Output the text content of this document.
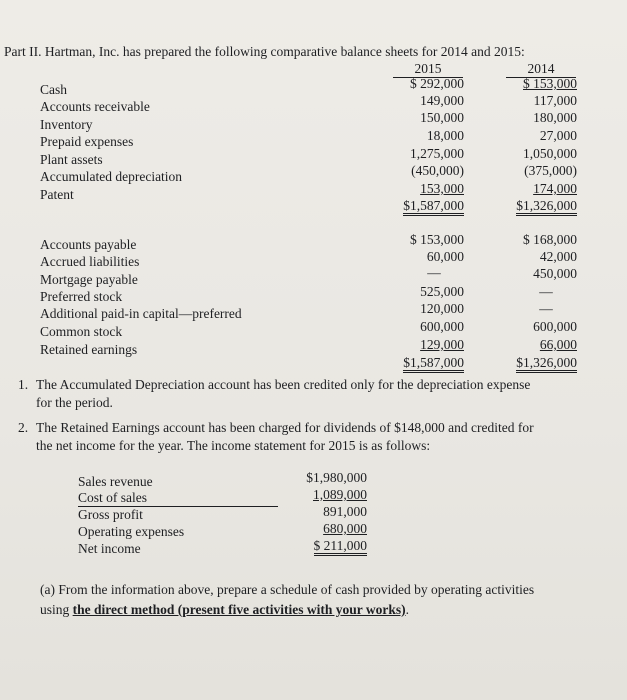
Part II. Hartman, Inc. has prepared the following comparative balance sheets for 2014 and 2015:
2015	2014
Cash	$ 292,000	$ 153,000
Accounts receivable	149,000	117,000
Inventory	150,000	180,000
Prepaid expenses	18,000	27,000
Plant assets	1,275,000	1,050,000
Accumulated depreciation	(450,000)	(375,000)
Patent	153,000	174,000
$1,587,000	$1,326,000
Accounts payable	$ 153,000	$ 168,000
Accrued liabilities	60,000	42,000
Mortgage payable	—	450,000
Preferred stock	525,000	—
Additional paid-in capital—preferred	120,000	—
Common stock	600,000	600,000
Retained earnings	129,000	66,000
$1,587,000	$1,326,000
1. The Accumulated Depreciation account has been credited only for the depreciation expense
for the period.
2. The Retained Earnings account has been charged for dividends of $148,000 and credited for
the net income for the year. The income statement for 2015 is as follows:
Sales revenue	$1,980,000
Cost of sales	1,089,000
Gross profit	891,000
Operating expenses	680,000
Net income	$ 211,000
(a) From the information above, prepare a schedule of cash provided by operating activities
using the direct method (present five activities with your works).
